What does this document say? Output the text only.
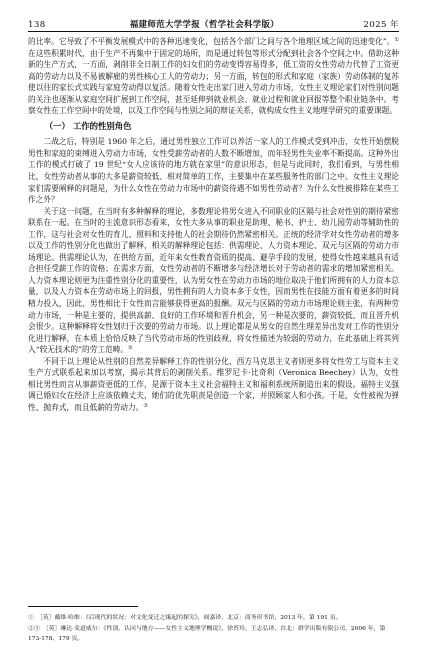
138	福建师范大学学报（哲学社会科学版）	2025 年

的比率。它导致了不平衡发展模式中的各种迅速变化，包括各个部门之间与各个地理区域之间的迅速变化”。① 在这些积累时代，由于生产不再集中于固定的场所，而是通过转包等形式分配到社会各个空间之中。借助这种新的生产方式，一方面，剥削非全日制工作的妇女们的劳动变得容易得多，低工资的女性劳动力代替了工资更高的劳动力以及不易被解雇的男性核心工人的劳动力；另一方面，转包的形式和家庭（家族）劳动体制的复苏使以往的家长式实践与家庭劳动得以复活。随着女性走出家门进入劳动力市场，女性主义理论家们对性别问题的关注也逐渐从家庭空间扩展到工作空间，甚至延伸到就业机会、就业过程和就业回报等整个职业链条中。考察女性在工作空间中的处境，以及工作空间与性别之间的辩证关系，就构成女性主义地理学研究的重要课题。

（一） 工作的性别角色

二战之后，特别是 1960 年之后，通过男性独立工作可以养活一家人的工作模式受到冲击，女性开始摆脱男性和家庭的束缚进入劳动力市场，女性受薪劳动者的人数不断增加，而年轻男性失业率不断提高。这种外出工作的模式打破了 19 世纪“女人应该待的地方就在家里”的意识形态，但是与此同时，我们看到，与男性相比，女性劳动者从事的大多是薪资较低、相对简单的工作，主要集中在某些服务性的部门之中。女性主义理论家们需要阐释的问题是，为什么女性在劳动力市场中的薪资待遇不如男性劳动者？为什么女性被排除在某些工作之外？

关于这一问题，在当时有多种解释的理论，多数理论将男女进入不同职业的区隔与社会对性别的期待紧密联系在一起。在当时的主流意识形态看来，女性大多从事的职业是助理、秘书、护士、幼儿园劳动等辅助性的工作，这与社会对女性的育儿、照料和支持他人的社会期待仍然紧密相关。正统的经济学对女性劳动者的增多以及工作的性别分化也做出了解释，相关的解释理论包括：供需理论、人力资本理论、双元与区隔的劳动力市场理论。供需理论认为，在供给方面，近年来女性教育资质的提高、避孕手段的发展，使得女性越来越具有适合担任受薪工作的资格；在需求方面，女性劳动者的不断增多与经济增长对于劳动者的需求的增加紧密相关。人力资本理论则更为注重性别分化的重要性，认为男女性在劳动力市场的地位取决于他们所拥有的人力资本总量，以及人力资本在劳动市场上的回报，男性拥有的人力资本多于女性，因而男性在技能方面有着更多的时间精力投入，因此，男性相比于女性而言能够获得更高的报酬。双元与区隔的劳动力市场理论则主张，有两种劳动力市场，一种是主要的，提供高薪、良好的工作环境和晋升机会，另一种是次要的，薪资较低、而且晋升机会很少。这种解释将女性划归于次要的劳动力市场。以上理论都是从男女的自然生理差异出发对工作的性别分化进行解释，在本质上恰恰反映了当代劳动市场的性别歧视，将女性描述为较弱的劳动力，在此基础上将其列入“较无技术的”的劳工范畴。②

不同于以上理论从性别的自然差异解释工作的性别分化，西方马克思主义者则更多将女性劳工与资本主义生产方式联系起来加以考察，揭示其背后的剥削关系。维罗尼卡·比奇利（Veronica Beechey）认为，女性相比男性而言从事薪资更低的工作，是源于资本主义社会福特主义和福利系统所制造出来的假设。福特主义强调已婚妇女在经济上应该依赖丈夫，她们的优先职责是创造一个家，并照顾家人和小孩。于是，女性被视为弹性、抛弃式，而且低薪的劳动力。③

①　［英］戴维·哈维：《后现代的状况：对文化变迁之缘起的探究》，阎嘉译，北京：商务印书馆，2013 年，第 191 页。

②③　［英］琳达·麦道威尔：《性别、认同与地方——女性主义地理学概说》，徐苔玲、王志弘译，台北：群学出版有限公司，2006 年，第 173-178、179 页。
